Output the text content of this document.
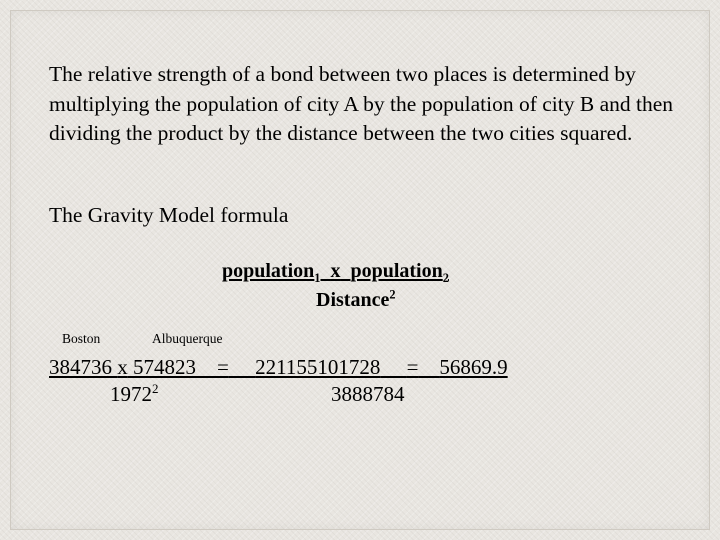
The relative strength of a bond between two places is determined by multiplying the population of city A by the population of city B and then dividing the product by the distance between the two cities squared.
The Gravity Model formula
population$_1$ x population$_2$
Distance$^2$
Boston	Albuquerque
384736 x 574823 = 221155101728 = 56869.9
1972$^2$	3888784
